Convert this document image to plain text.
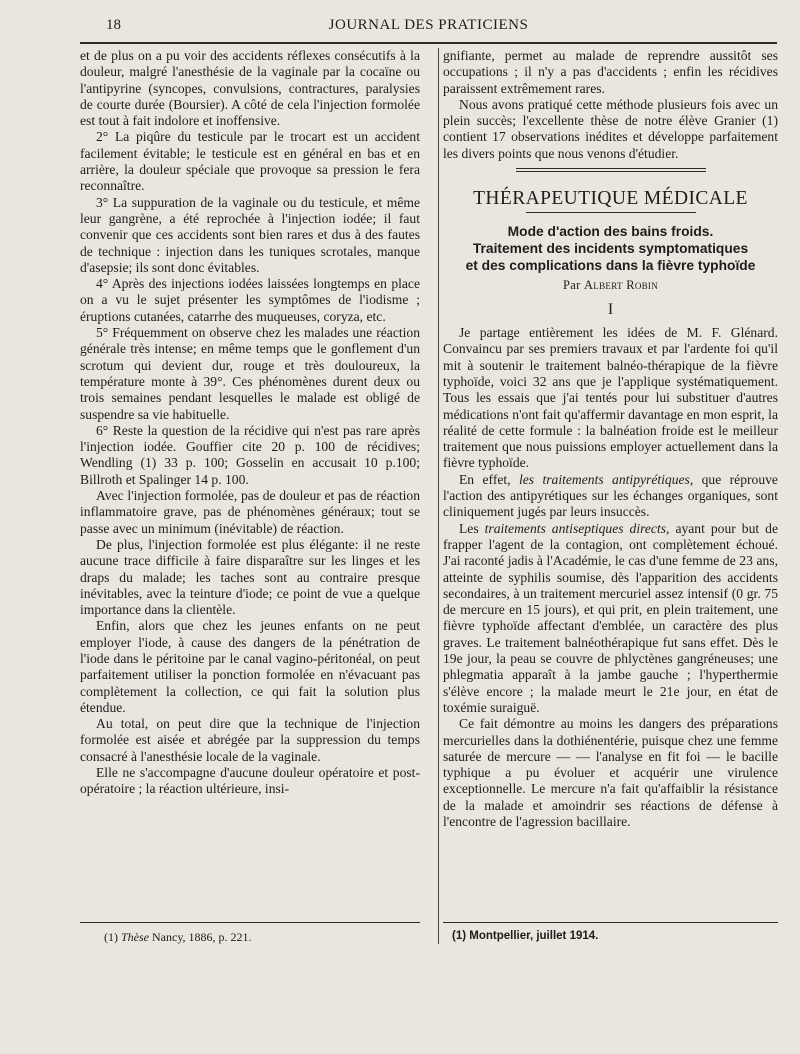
18	JOURNAL DES PRATICIENS

et de plus on a pu voir des accidents réflexes consécutifs à la douleur, malgré l'anesthésie de la vaginale par la cocaïne ou l'antipyrine (syncopes, convulsions, contractures, paralysies de courte durée (Boursier). A côté de cela l'injection formolée est tout à fait indolore et inoffensive.

2° La piqûre du testicule par le trocart est un accident facilement évitable; le testicule est en général en bas et en arrière, la douleur spéciale que provoque sa pression le fera reconnaître.

3° La suppuration de la vaginale ou du testicule, et même leur gangrène, a été reprochée à l'injection iodée; il faut convenir que ces accidents sont bien rares et dus à des fautes de technique : injection dans les tuniques scrotales, manque d'asepsie; ils sont donc évitables.

4° Après des injections iodées laissées longtemps en place on a vu le sujet présenter les symptômes de l'iodisme ; éruptions cutanées, catarrhe des muqueuses, coryza, etc.

5° Fréquemment on observe chez les malades une réaction générale très intense; en même temps que le gonflement d'un scrotum qui devient dur, rouge et très douloureux, la température monte à 39°. Ces phénomènes durent deux ou trois semaines pendant lesquelles le malade est obligé de suspendre sa vie habituelle.

6° Reste la question de la récidive qui n'est pas rare après l'injection iodée. Gouffier cite 20 p. 100 de récidives; Wendling (1) 33 p. 100; Gosselin en accusait 10 p.100; Billroth et Spalinger 14 p. 100.

Avec l'injection formolée, pas de douleur et pas de réaction inflammatoire grave, pas de phénomènes généraux; tout se passe avec un minimum (inévitable) de réaction.

De plus, l'injection formolée est plus élégante: il ne reste aucune trace difficile à faire disparaître sur les linges et les draps du malade; les taches sont au contraire presque inévitables, avec la teinture d'iode; ce point de vue a quelque importance dans la clientèle.

Enfin, alors que chez les jeunes enfants on ne peut employer l'iode, à cause des dangers de la pénétration de l'iode dans le péritoine par le canal vagino-péritonéal, on peut parfaitement utiliser la ponction formolée en n'évacuant pas complètement la collection, ce qui fait la solution plus étendue.

Au total, on peut dire que la technique de l'injection formolée est aisée et abrégée par la suppression du temps consacré à l'anesthésie locale de la vaginale.

Elle ne s'accompagne d'aucune douleur opératoire et post-opératoire ; la réaction ultérieure, insi-

gnifiante, permet au malade de reprendre aussitôt ses occupations ; il n'y a pas d'accidents ; enfin les récidives paraissent extrêmement rares.

Nous avons pratiqué cette méthode plusieurs fois avec un plein succès; l'excellente thèse de notre élève Granier (1) contient 17 observations inédites et développe parfaitement les divers points que nous venons d'étudier.

THÉRAPEUTIQUE MÉDICALE
Mode d'action des bains froids.
Traitement des incidents symptomatiques
et des complications dans la fièvre typhoïde
Par Albert Robin
I

Je partage entièrement les idées de M. F. Glénard. Convaincu par ses premiers travaux et par l'ardente foi qu'il mit à soutenir le traitement balnéo-thérapique de la fièvre typhoïde, voici 32 ans que je l'applique systématiquement. Tous les essais que j'ai tentés pour lui substituer d'autres médications n'ont fait qu'affermir davantage en mon esprit, la réalité de cette formule : la balnéation froide est le meilleur traitement que nous puissions employer actuellement dans la fièvre typhoïde.

En effet, les traitements antipyrétiques, que réprouve l'action des antipyrétiques sur les échanges organiques, sont cliniquement jugés par leurs insuccès.

Les traitements antiseptiques directs, ayant pour but de frapper l'agent de la contagion, ont complètement échoué. J'ai raconté jadis à l'Académie, le cas d'une femme de 23 ans, atteinte de syphilis soumise, dès l'apparition des accidents secondaires, à un traitement mercuriel assez intensif (0 gr. 75 de mercure en 15 jours), et qui prit, en plein traitement, une fièvre typhoïde affectant d'emblée, un caractère des plus graves. Le traitement balnéothérapique fut sans effet. Dès le 19e jour, la peau se couvre de phlyctènes gangréneuses; une phlegmatia apparaît à la jambe gauche ; l'hyperthermie s'élève encore ; la malade meurt le 21e jour, en état de toxémie suraiguë.

Ce fait démontre au moins les dangers des préparations mercurielles dans la dothiénentérie, puisque chez une femme saturée de mercure — — l'analyse en fit foi — le bacille typhique a pu évoluer et acquérir une virulence exceptionnelle. Le mercure n'a fait qu'affaiblir la résistance de la malade et amoindrir ses réactions de défense à l'encontre de l'agression bacillaire.

(1) Thèse Nancy, 1886, p. 221.	(1) Montpellier, juillet 1914.
